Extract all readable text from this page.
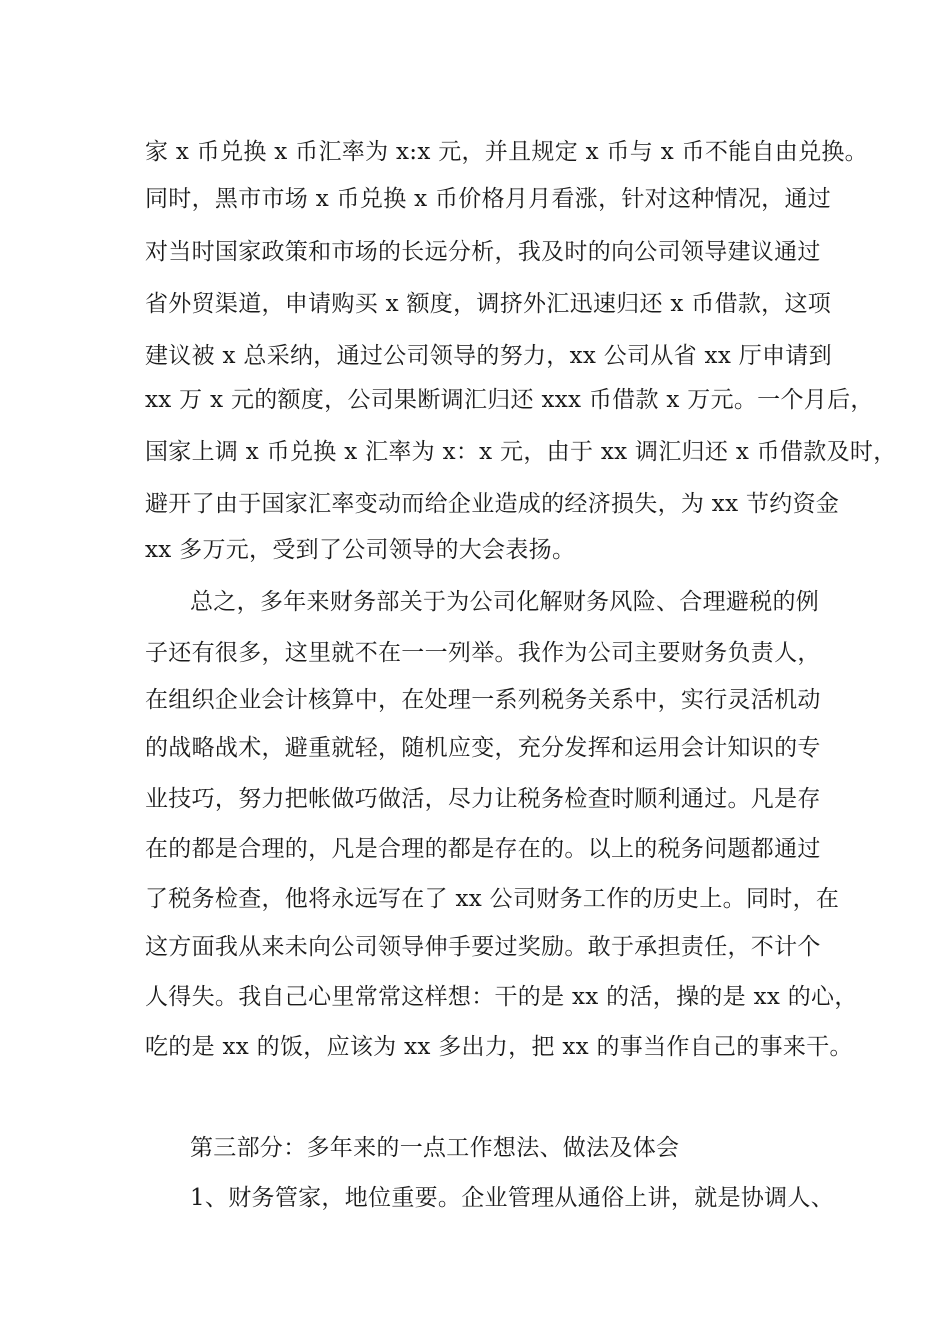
家 x 币兑换 x 币汇率为 x:x 元，并且规定 x 币与 x 币不能自由兑换。
同时，黑市市场 x 币兑换 x 币价格月月看涨，针对这种情况，通过
对当时国家政策和市场的长远分析，我及时的向公司领导建议通过
省外贸渠道，申请购买 x 额度，调挤外汇迅速归还 x 币借款，这项
建议被 x 总采纳，通过公司领导的努力，xx 公司从省 xx 厅申请到
xx 万 x 元的额度，公司果断调汇归还 xxx 币借款 x 万元。一个月后，
国家上调 x 币兑换 x 汇率为 x：x 元，由于 xx 调汇归还 x 币借款及时，
避开了由于国家汇率变动而给企业造成的经济损失，为 xx 节约资金
xx 多万元，受到了公司领导的大会表扬。
总之，多年来财务部关于为公司化解财务风险、合理避税的例
子还有很多，这里就不在一一列举。我作为公司主要财务负责人，
在组织企业会计核算中，在处理一系列税务关系中，实行灵活机动
的战略战术，避重就轻，随机应变，充分发挥和运用会计知识的专
业技巧，努力把帐做巧做活，尽力让税务检查时顺利通过。凡是存
在的都是合理的，凡是合理的都是存在的。以上的税务问题都通过
了税务检查，他将永远写在了 xx 公司财务工作的历史上。同时，在
这方面我从来未向公司领导伸手要过奖励。敢于承担责任，不计个
人得失。我自己心里常常这样想：干的是 xx 的活，操的是 xx 的心，
吃的是 xx 的饭，应该为 xx 多出力，把 xx 的事当作自己的事来干。
第三部分：多年来的一点工作想法、做法及体会
1、财务管家，地位重要。企业管理从通俗上讲，就是协调人、
